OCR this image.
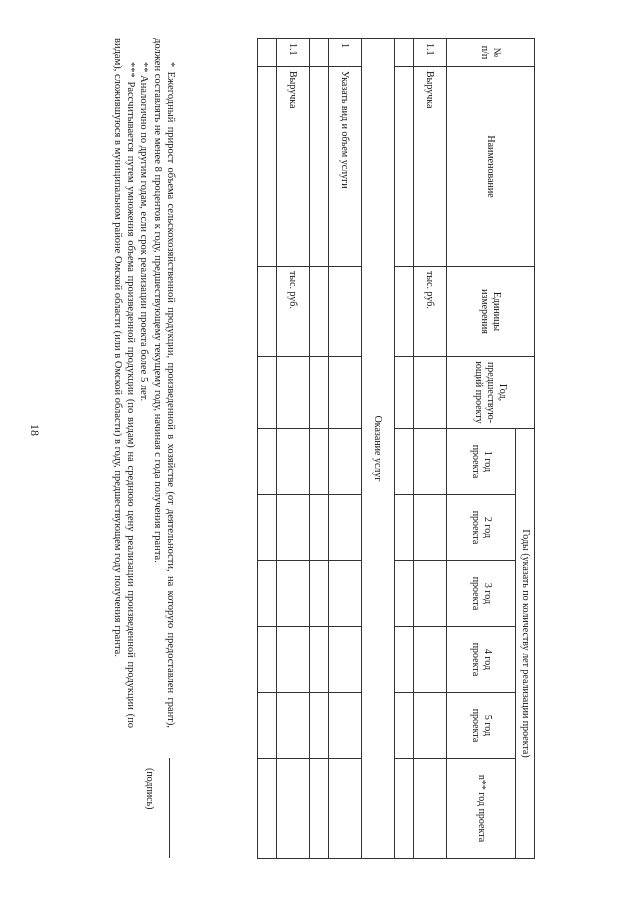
18
№ п/п	Наименование	Единицы измерения	Год, предшествую-ющий проекту	Годы (указать по количеству лет реализации проекта)					
				1 год проекта	2 год проекта	3 год проекта	4 год проекта	5 год проекта	n** год проекта
1.1	Выручка	тыс. руб.							

Оказание услуг									
1	Указать вид и объем услуги								

1.1	Выручка	тыс. руб.							

* Ежегодный прирост объема сельскохозяйственной продукции, произведенной в хозяйстве (от деятельности, на которую предоставлен грант), должен составлять не менее 8 процентов к году, предшествующему текущему году, начиная с года получения гранта.

** Аналогично по другим годам, если срок реализации проекта более 5 лет.

*** Рассчитывается путем умножения объема произведенной продукции (по видам) на среднюю цену реализации произведенной продукции (по видам), сложившуюся в муниципальном районе Омской области (или в Омской области) в году, предшествующем году получения гранта.

(подпись)
